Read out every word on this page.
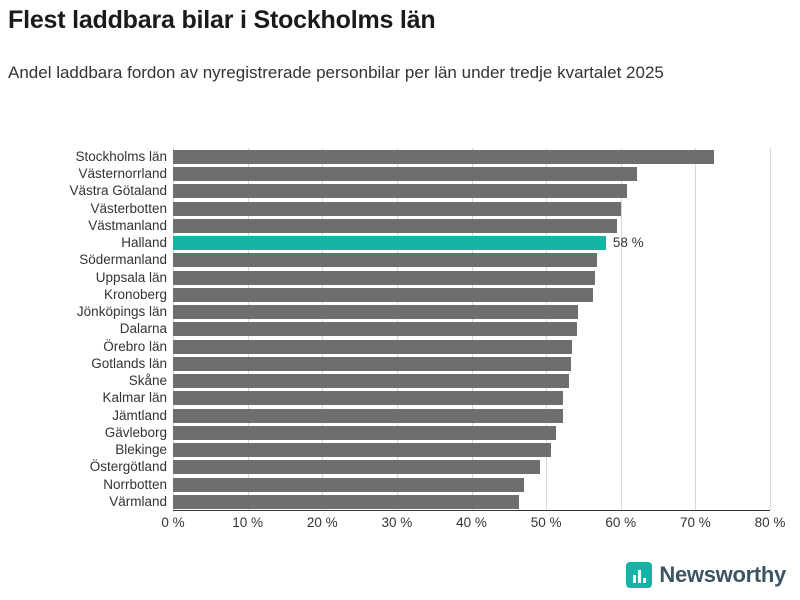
Flest laddbara bilar i Stockholms län
Andel laddbara fordon av nyregistrerade personbilar per län under tredje kvartalet 2025
0 %	10 %	20 %	30 %	40 %	50 %	60 %	70 %	80 %
Stockholms län
Västernorrland
Västra Götaland
Västerbotten
Västmanland
Halland	58 %
Södermanland
Uppsala län
Kronoberg
Jönköpings län
Dalarna
Örebro län
Gotlands län
Skåne
Kalmar län
Jämtland
Gävleborg
Blekinge
Östergötland
Norrbotten
Värmland
Newsworthy
